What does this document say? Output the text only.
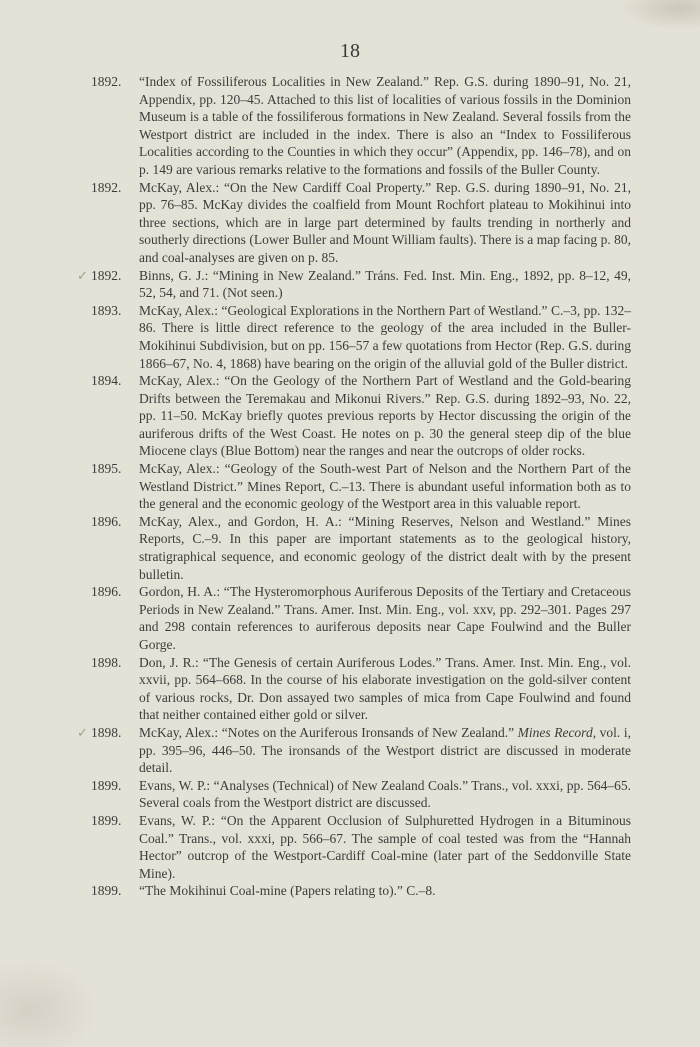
18
1892. “Index of Fossiliferous Localities in New Zealand.” Rep. G.S. during 1890–91, No. 21, Appendix, pp. 120–45. Attached to this list of localities of various fossils in the Dominion Museum is a table of the fossiliferous formations in New Zealand. Several fossils from the Westport district are included in the index. There is also an “Index to Fossiliferous Localities according to the Counties in which they occur” (Appendix, pp. 146–78), and on p. 149 are various remarks relative to the formations and fossils of the Buller County.
1892. McKay, Alex.: “On the New Cardiff Coal Property.” Rep. G.S. during 1890–91, No. 21, pp. 76–85. McKay divides the coalfield from Mount Rochfort plateau to Mokihinui into three sections, which are in large part determined by faults trending in northerly and southerly directions (Lower Buller and Mount William faults). There is a map facing p. 80, and coal-analyses are given on p. 85.
✓ 1892. Binns, G. J.: “Mining in New Zealand.” Tráns. Fed. Inst. Min. Eng., 1892, pp. 8–12, 49, 52, 54, and 71. (Not seen.)
1893. McKay, Alex.: “Geological Explorations in the Northern Part of Westland.” C.–3, pp. 132–86. There is little direct reference to the geology of the area included in the Buller-Mokihinui Subdivision, but on pp. 156–57 a few quotations from Hector (Rep. G.S. during 1866–67, No. 4, 1868) have bearing on the origin of the alluvial gold of the Buller district.
1894. McKay, Alex.: “On the Geology of the Northern Part of Westland and the Gold-bearing Drifts between the Teremakau and Mikonui Rivers.” Rep. G.S. during 1892–93, No. 22, pp. 11–50. McKay briefly quotes previous reports by Hector discussing the origin of the auriferous drifts of the West Coast. He notes on p. 30 the general steep dip of the blue Miocene clays (Blue Bottom) near the ranges and near the outcrops of older rocks.
1895. McKay, Alex.: “Geology of the South-west Part of Nelson and the Northern Part of the Westland District.” Mines Report, C.–13. There is abundant useful information both as to the general and the economic geology of the Westport area in this valuable report.
1896. McKay, Alex., and Gordon, H. A.: “Mining Reserves, Nelson and Westland.” Mines Reports, C.–9. In this paper are important statements as to the geological history, stratigraphical sequence, and economic geology of the district dealt with by the present bulletin.
1896. Gordon, H. A.: “The Hysteromorphous Auriferous Deposits of the Tertiary and Cretaceous Periods in New Zealand.” Trans. Amer. Inst. Min. Eng., vol. xxv, pp. 292–301. Pages 297 and 298 contain references to auriferous deposits near Cape Foulwind and the Buller Gorge.
1898. Don, J. R.: “The Genesis of certain Auriferous Lodes.” Trans. Amer. Inst. Min. Eng., vol. xxvii, pp. 564–668. In the course of his elaborate investigation on the gold-silver content of various rocks, Dr. Don assayed two samples of mica from Cape Foulwind and found that neither contained either gold or silver.
✓ 1898. McKay, Alex.: “Notes on the Auriferous Ironsands of New Zealand.” Mines Record, vol. i, pp. 395–96, 446–50. The ironsands of the Westport district are discussed in moderate detail.
1899. Evans, W. P.: “Analyses (Technical) of New Zealand Coals.” Trans., vol. xxxi, pp. 564–65. Several coals from the Westport district are discussed.
1899. Evans, W. P.: “On the Apparent Occlusion of Sulphuretted Hydrogen in a Bituminous Coal.” Trans., vol. xxxi, pp. 566–67. The sample of coal tested was from the “Hannah Hector” outcrop of the Westport-Cardiff Coal-mine (later part of the Seddonville State Mine).
1899. “The Mokihinui Coal-mine (Papers relating to).” C.–8.
